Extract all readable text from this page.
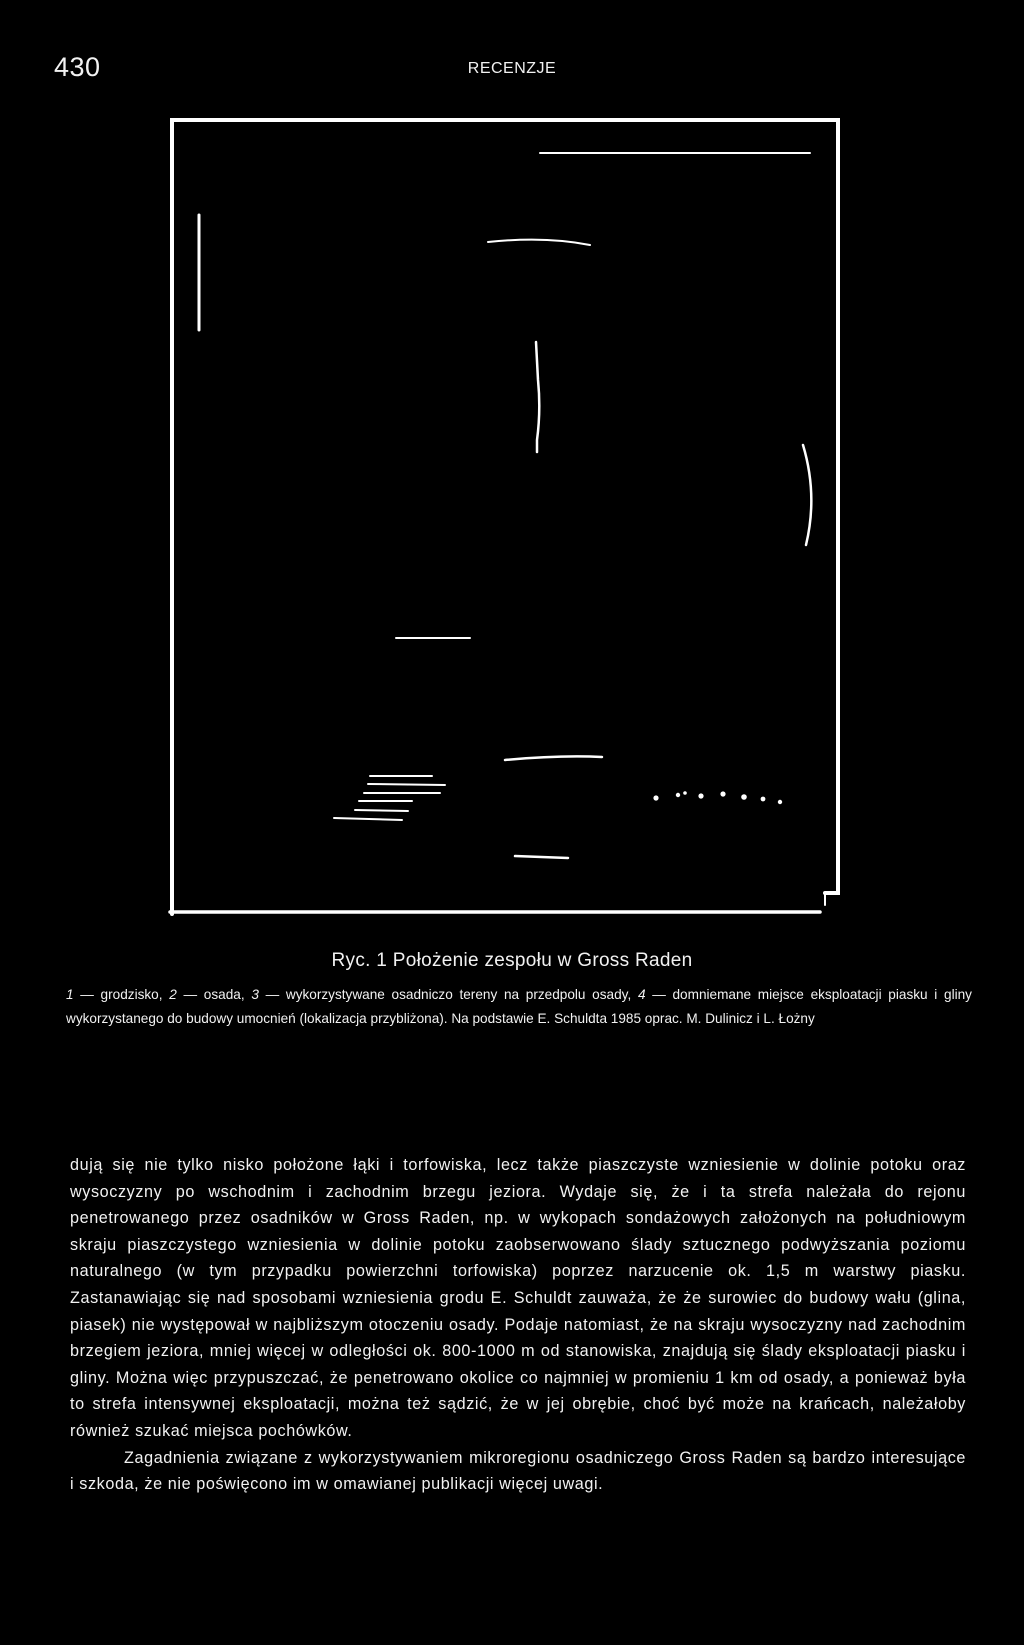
430	RECENZJE
Ryc. 1 Położenie zespołu w Gross Raden
1 — grodzisko, 2 — osada, 3 — wykorzystywane osadniczo tereny na przedpolu osady, 4 — domniemane miejsce eksploatacji piasku i gliny wykorzystanego do budowy umocnień (lokalizacja przybliżona). Na podstawie E. Schuldta 1985 oprac. M. Dulinicz i L. Łożny

dują się nie tylko nisko położone łąki i torfowiska, lecz także piaszczyste wzniesienie w dolinie potoku oraz wysoczyzny po wschodnim i zachodnim brzegu jeziora. Wydaje się, że i ta strefa należała do rejonu penetrowanego przez osadników w Gross Raden, np. w wykopach sondażowych założonych na południowym skraju piaszczystego wzniesienia w dolinie potoku zaobserwowano ślady sztucznego podwyższania poziomu naturalnego (w tym przypadku powierzchni torfowiska) poprzez narzucenie ok. 1,5 m warstwy piasku. Zastanawiając się nad sposobami wzniesienia grodu E. Schuldt zauważa, że że surowiec do budowy wału (glina, piasek) nie występował w najbliższym otoczeniu osady. Podaje natomiast, że na skraju wysoczyzny nad zachodnim brzegiem jeziora, mniej więcej w odległości ok. 800-1000 m od stanowiska, znajdują się ślady eksploatacji piasku i gliny. Można więc przypuszczać, że penetrowano okolice co najmniej w promieniu 1 km od osady, a ponieważ była to strefa intensywnej eksploatacji, można też sądzić, że w jej obrębie, choć być może na krańcach, należałoby również szukać miejsca pochówków.

Zagadnienia związane z wykorzystywaniem mikroregionu osadniczego Gross Raden są bardzo interesujące i szkoda, że nie poświęcono im w omawianej publikacji więcej uwagi.
